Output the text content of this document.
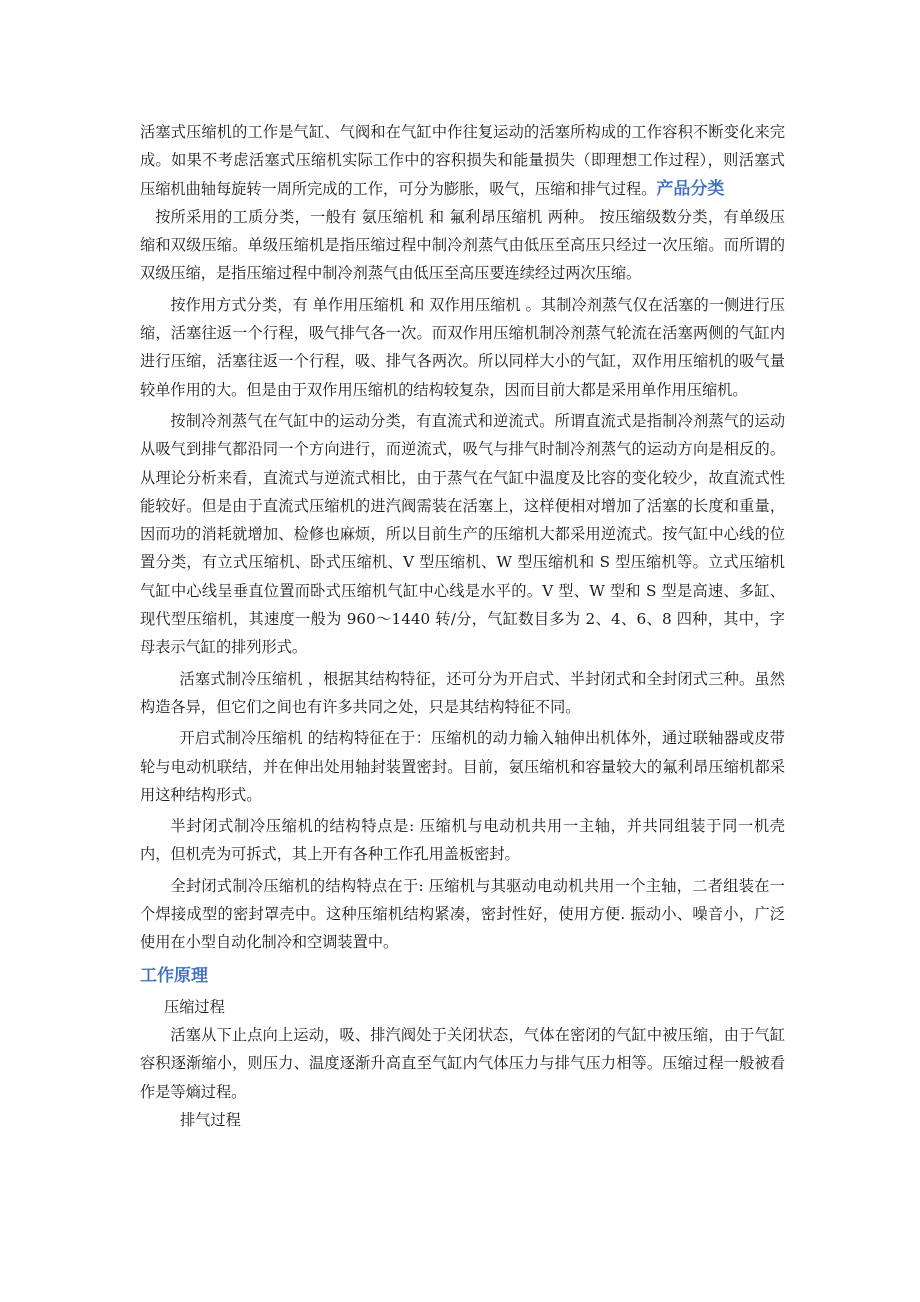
活塞式压缩机的工作是气缸、气阀和在气缸中作往复运动的活塞所构成的工作容积不断变化来完成。如果不考虑活塞式压缩机实际工作中的容积损失和能量损失（即理想工作过程），则活塞式压缩机曲轴每旋转一周所完成的工作，可分为膨胀，吸气，压缩和排气过程。产品分类

按所采用的工质分类，一般有 氨压缩机 和 氟利昂压缩机 两种。 按压缩级数分类，有单级压缩和双级压缩。单级压缩机是指压缩过程中制冷剂蒸气由低压至高压只经过一次压缩。而所谓的双级压缩，是指压缩过程中制冷剂蒸气由低压至高压要连续经过两次压缩。

按作用方式分类，有 单作用压缩机 和 双作用压缩机 。其制冷剂蒸气仅在活塞的一侧进行压缩，活塞往返一个行程，吸气排气各一次。而双作用压缩机制冷剂蒸气轮流在活塞两侧的气缸内进行压缩，活塞往返一个行程，吸、排气各两次。所以同样大小的气缸，双作用压缩机的吸气量较单作用的大。但是由于双作用压缩机的结构较复杂，因而目前大都是采用单作用压缩机。

按制冷剂蒸气在气缸中的运动分类，有直流式和逆流式。所谓直流式是指制冷剂蒸气的运动从吸气到排气都沿同一个方向进行，而逆流式，吸气与排气时制冷剂蒸气的运动方向是相反的。从理论分析来看，直流式与逆流式相比，由于蒸气在气缸中温度及比容的变化较少，故直流式性能较好。但是由于直流式压缩机的进汽阀需装在活塞上，这样便相对增加了活塞的长度和重量，因而功的消耗就增加、检修也麻烦，所以目前生产的压缩机大都采用逆流式。按气缸中心线的位置分类，有立式压缩机、卧式压缩机、V 型压缩机、W 型压缩机和 S 型压缩机等。立式压缩机气缸中心线呈垂直位置而卧式压缩机气缸中心线是水平的。V 型、W 型和 S 型是高速、多缸、现代型压缩机，其速度一般为 960～1440 转/分，气缸数目多为 2、4、6、8 四种，其中，字母表示气缸的排列形式。

活塞式制冷压缩机 ，根据其结构特征，还可分为开启式、半封闭式和全封闭式三种。虽然构造各异，但它们之间也有许多共同之处，只是其结构特征不同。

开启式制冷压缩机 的结构特征在于：压缩机的动力输入轴伸出机体外，通过联轴器或皮带轮与电动机联结，并在伸出处用轴封装置密封。目前，氨压缩机和容量较大的氟利昂压缩机都采用这种结构形式。

半封闭式制冷压缩机的结构特点是: 压缩机与电动机共用一主轴，并共同组装于同一机壳内，但机壳为可拆式，其上开有各种工作孔用盖板密封。

全封闭式制冷压缩机的结构特点在于: 压缩机与其驱动电动机共用一个主轴，二者组装在一个焊接成型的密封罩壳中。这种压缩机结构紧凑，密封性好，使用方便. 振动小、噪音小，广泛使用在小型自动化制冷和空调装置中。

工作原理

压缩过程

活塞从下止点向上运动，吸、排汽阀处于关闭状态，气体在密闭的气缸中被压缩，由于气缸容积逐渐缩小，则压力、温度逐渐升高直至气缸内气体压力与排气压力相等。压缩过程一般被看作是等熵过程。

排气过程
